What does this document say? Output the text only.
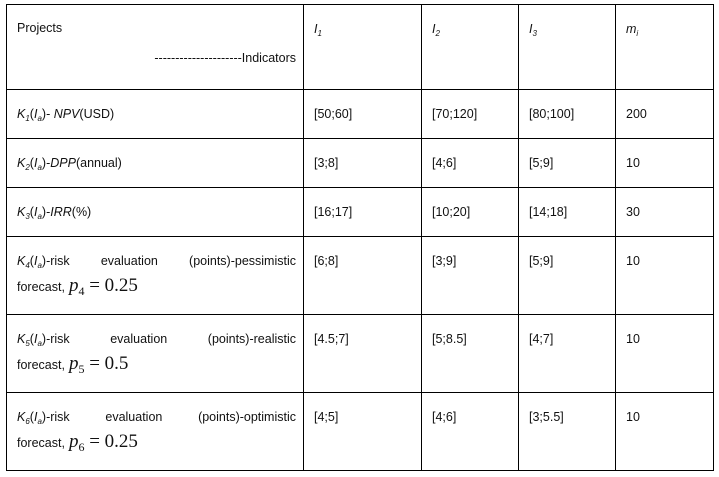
Projects
---------------------Indicators	$I_1$	$I_2$	$I_3$	$m_i$

$K_1(I_a)-$ NPV(USD)	[50;60]	[70;120]	[80;100]	200

$K_2(I_a)-DPP(annual)$	[3;8]	[4;6]	[5;9]	10

$K_3(I_a)-IRR(\%)$	[16;17]	[10;20]	[14;18]	30

$K_4(I_a)$-risk evaluation (points)-pessimistic
forecast, $p_4 = 0.25$	[6;8]	[3;9]	[5;9]	10

$K_5(I_a)$-risk evaluation (points)-realistic
forecast, $p_5 = 0.5$	[4.5;7]	[5;8.5]	[4;7]	10

$K_6(I_a)$-risk evaluation (points)-optimistic
forecast, $p_6 = 0.25$	[4;5]	[4;6]	[3;5.5]	10
